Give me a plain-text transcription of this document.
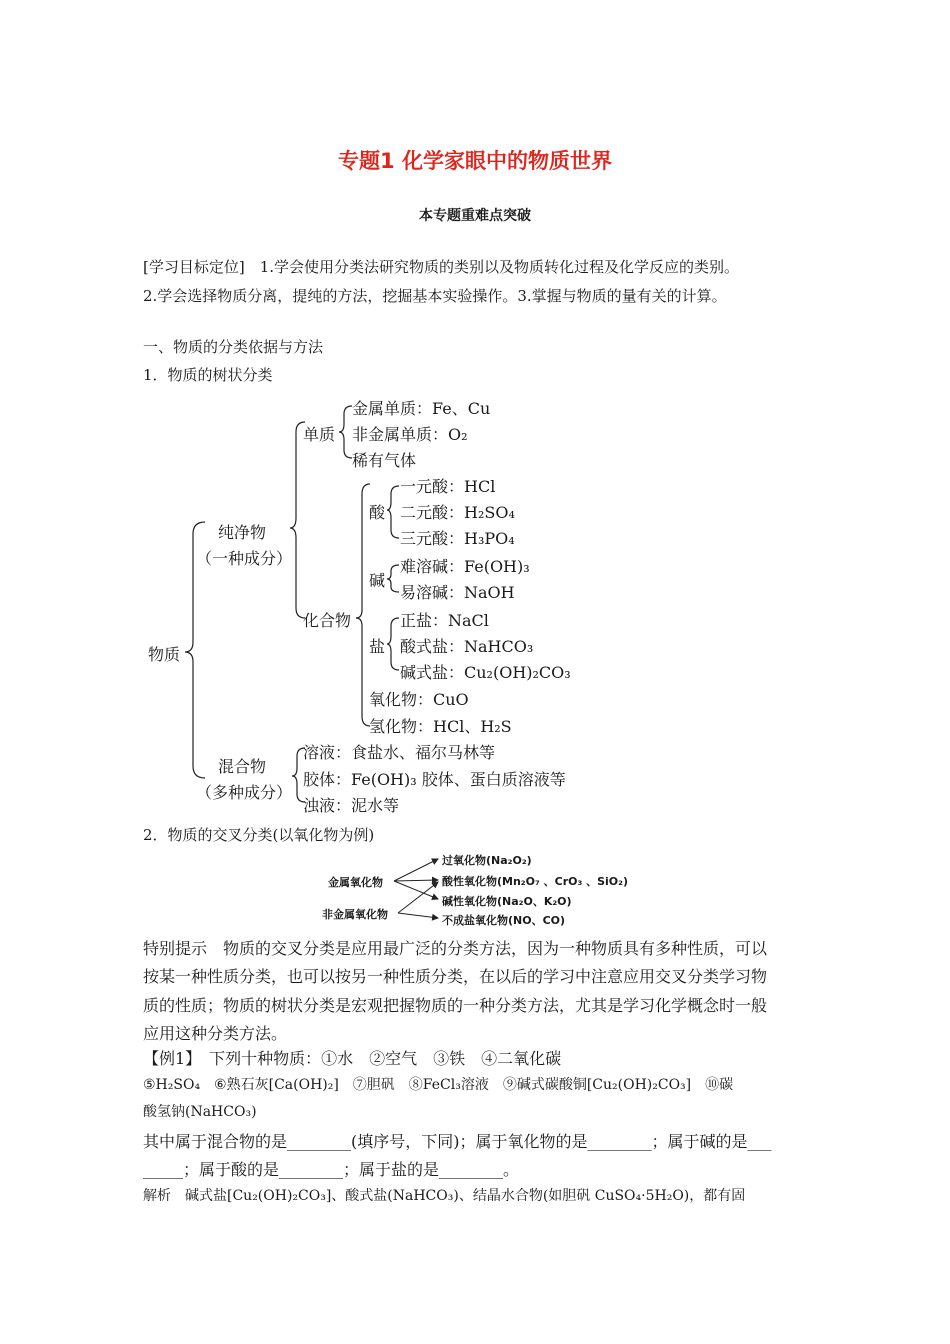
专题1 化学家眼中的物质世界
本专题重难点突破
[学习目标定位]　1.学会使用分类法研究物质的类别以及物质转化过程及化学反应的类别。
2.学会选择物质分离，提纯的方法，挖掘基本实验操作。3.掌握与物质的量有关的计算。
一、物质的分类依据与方法
1．物质的树状分类
物质
纯净物
（一种成分）
混合物
（多种成分）
单质
金属单质：Fe、Cu
非金属单质：O₂
稀有气体
化合物
酸
一元酸：HCl
二元酸：H₂SO₄
三元酸：H₃PO₄
碱
难溶碱：Fe(OH)₃
易溶碱：NaOH
盐
正盐：NaCl
酸式盐：NaHCO₃
碱式盐：Cu₂(OH)₂CO₃
氧化物：CuO
氢化物：HCl、H₂S
溶液：食盐水、福尔马林等
胶体：Fe(OH)₃ 胶体、蛋白质溶液等
浊液：泥水等
2．物质的交叉分类(以氧化物为例)
金属氧化物
非金属氧化物
过氧化物(Na₂O₂)
酸性氧化物(Mn₂O₇ 、CrO₃ 、SiO₂)
碱性氧化物(Na₂O、K₂O)
不成盐氧化物(NO、CO)
特别提示　物质的交叉分类是应用最广泛的分类方法，因为一种物质具有多种性质，可以
按某一种性质分类，也可以按另一种性质分类，在以后的学习中注意应用交叉分类学习物
质的性质；物质的树状分类是宏观把握物质的一种分类方法，尤其是学习化学概念时一般
应用这种分类方法。
【例1】　下列十种物质：①水　②空气　③铁　④二氧化碳
⑤H₂SO₄　⑥熟石灰[Ca(OH)₂]　⑦胆矾　⑧FeCl₃溶液　⑨碱式碳酸铜[Cu₂(OH)₂CO₃]　⑩碳
酸氢钠(NaHCO₃)
其中属于混合物的是________(填序号，下同)；属于氧化物的是________；属于碱的是___
_____；属于酸的是________；属于盐的是________。
解析　碱式盐[Cu₂(OH)₂CO₃]、酸式盐(NaHCO₃)、结晶水合物(如胆矾 CuSO₄·5H₂O)，都有固
